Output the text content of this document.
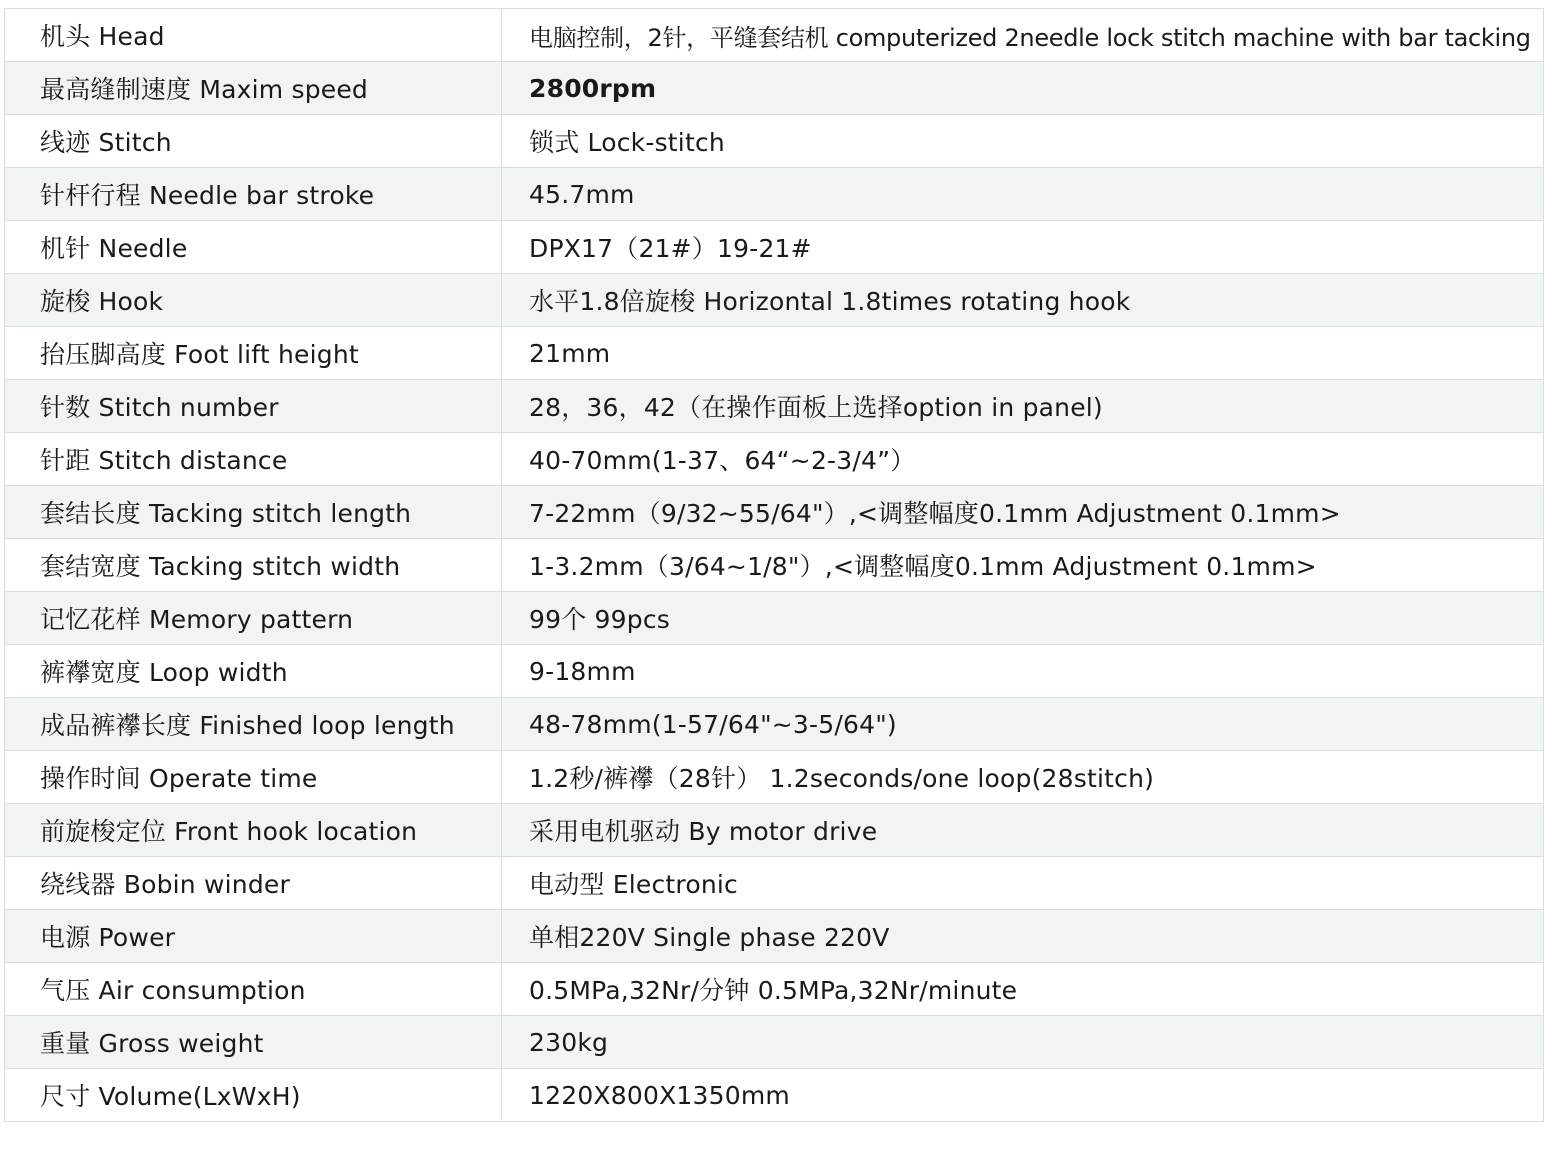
机头 Head	电脑控制，2针，平缝套结机 computerized 2needle lock stitch machine with bar tacking
最高缝制速度 Maxim speed	2800rpm
线迹 Stitch	锁式 Lock-stitch
针杆行程 Needle bar stroke	45.7mm
机针 Needle	DPX17（21#）19-21#
旋梭 Hook	水平1.8倍旋梭 Horizontal 1.8times rotating hook
抬压脚高度 Foot lift height	21mm
针数 Stitch number	28，36，42（在操作面板上选择option in panel)
针距 Stitch distance	40-70mm(1-37、64“~2-3/4”）
套结长度 Tacking stitch length	7-22mm（9/32~55/64"）,<调整幅度0.1mm Adjustment 0.1mm>
套结宽度 Tacking stitch width	1-3.2mm（3/64~1/8"）,<调整幅度0.1mm Adjustment 0.1mm>
记忆花样 Memory pattern	99个 99pcs
裤襻宽度 Loop width	9-18mm
成品裤襻长度 Finished loop length	48-78mm(1-57/64"~3-5/64")
操作时间 Operate time	1.2秒/裤襻（28针） 1.2seconds/one loop(28stitch)
前旋梭定位 Front hook location	采用电机驱动 By motor drive
绕线器 Bobin winder	电动型 Electronic
电源 Power	单相220V Single phase 220V
气压 Air consumption	0.5MPa,32Nr/分钟 0.5MPa,32Nr/minute
重量 Gross weight	230kg
尺寸 Volume(LxWxH)	1220X800X1350mm
